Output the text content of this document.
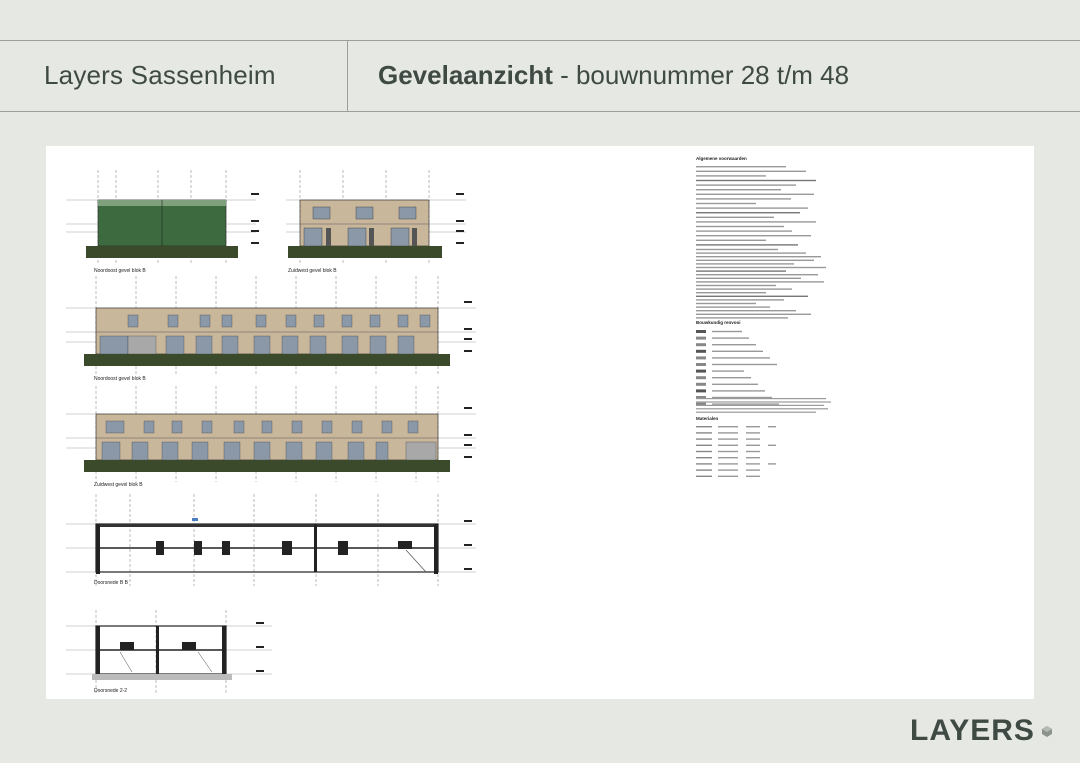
Layers Sassenheim	Gevelaanzicht - bouwnummer 28 t/m 48
Noordoost gevel blok B	Zuidwest gevel blok B
Noordoost gevel blok B
Zuidwest gevel blok B
Doorsnede B B
Doorsnede 2-2
Algemene voorwaarden
Bouwkundig renvooi
Materialen
LAYERS
